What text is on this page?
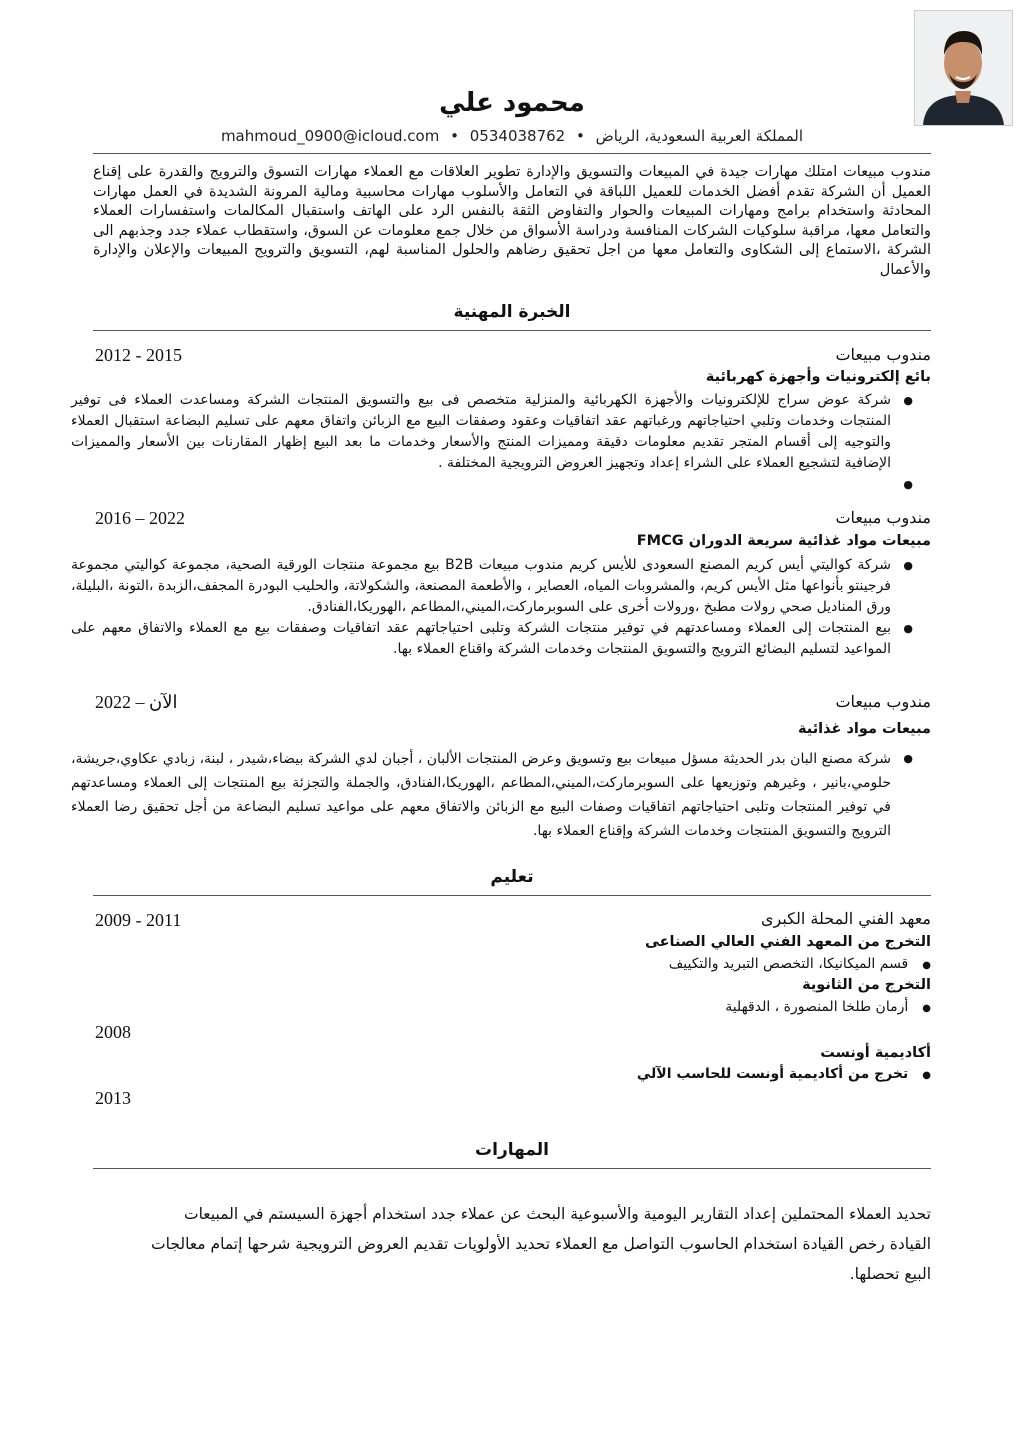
محمود علي
المملكة العربية السعودية، الرياض • 0534038762 • mahmoud_0900@icloud.com
مندوب مبيعات امتلك مهارات جيدة في المبيعات والتسويق والإدارة تطوير العلاقات مع العملاء مهارات التسوق والترويج والقدرة على إقناع العميل أن الشركة تقدم أفضل الخدمات للعميل اللباقة في التعامل والأسلوب مهارات محاسبية ومالية المرونة الشديدة في العمل مهارات المحادثة واستخدام برامج ومهارات المبيعات والحوار والتفاوض الثقة بالنفس الرد على الهاتف واستقبال المكالمات واستفسارات العملاء والتعامل معها، مراقبة سلوكيات الشركات المنافسة ودراسة الأسواق من خلال جمع معلومات عن السوق، واستقطاب عملاء جدد وجذبهم الى الشركة ،الاستماع إلى الشكاوى والتعامل معها من اجل تحقيق رضاهم والحلول المناسبة لهم، التسويق والترويج المبيعات والإعلان والإدارة والأعمال
الخبرة المهنية
مندوب مبيعات
2012 - 2015
بائع إلكترونيات وأجهزة كهربائية
● شركة عوض سراج للإلكترونيات والأجهزة الكهربائية والمنزلية متخصص فى بيع والتسويق المنتجات الشركة ومساعدت العملاء فى توفير المنتجات وخدمات وتلبي احتياجاتهم ورغباتهم عقد اتفاقيات وعقود وصفقات البيع مع الزبائن واتفاق معهم على تسليم البضاعة استقبال العملاء والتوجيه إلى أقسام المتجر تقديم معلومات دقيقة ومميزات المنتج والأسعار وخدمات ما بعد البيع إظهار المقارنات بين الأسعار والمميزات الإضافية لتشجيع العملاء على الشراء إعداد وتجهيز العروض الترويجية المختلفة .
●
مندوب مبيعات
2016 – 2022
مبيعات مواد غذائية سريعة الدوران FMCG
● شركة كواليتي أيس كريم المصنع السعودى للأيس كريم مندوب مبيعات B2B بيع مجموعة منتجات الورقية الصحية، مجموعة كواليتي مجموعة فرجينتو بأنواعها مثل الأيس كريم، والمشروبات المياه، العصاير ، والأطعمة المصنعة، والشكولاتة، والحليب البودرة المجفف،الزبدة ،التونة ،البليلة، ورق المناديل صحي رولات مطبخ ،ورولات أخرى على السوبرماركت،الميني،المطاعم ،الهوريكا،الفنادق.
● بيع المنتجات إلى العملاء ومساعدتهم في توفير منتجات الشركة وتلبى احتياجاتهم عقد اتفاقيات وصفقات بيع مع العملاء والاتفاق معهم على المواعيد لتسليم البضائع الترويج والتسويق المنتجات وخدمات الشركة واقناع العملاء بها.
مندوب مبيعات
2022 – الآن
مبيعات مواد غذائية
● شركة مصنع البان بدر الحديثة مسؤل مبيعات بيع وتسويق وعرض المنتجات الألبان ، أجبان لدي الشركة بيضاء،شيدر ، لبنة، زبادي عكاوي،جريشة، حلومي،بانير ، وغيرهم وتوزيعها على السوبرماركت،الميني،المطاعم ،الهوريكا،الفنادق، والجملة والتجزئة بيع المنتجات إلى العملاء ومساعدتهم في توفير المنتجات وتلبى احتياجاتهم اتفاقيات وصفات البيع مع الزبائن والاتفاق معهم على مواعيد تسليم البضاعة من أجل تحقيق رضا العملاء الترويج والتسويق المنتجات وخدمات الشركة وإقناع العملاء بها.
تعليم
معهد الفني المحلة الكبرى
2009 - 2011
التخرج من المعهد الفني العالي الصناعى
● قسم الميكانيكا، التخصص التبريد والتكييف
التخرج من الثانوية
● أرمان طلخا المنصورة ، الدقهلية
2008
أكاديمية أونست
● تخرج من أكاديمية أونست للحاسب الآلي
2013
المهارات
تحديد العملاء المحتملين إعداد التقارير اليومية والأسبوعية البحث عن عملاء جدد استخدام أجهزة السيستم في المبيعات
القيادة رخص القيادة استخدام الحاسوب التواصل مع العملاء تحديد الأولويات تقديم العروض الترويجية شرحها إتمام معالجات
البيع تحصلها.
